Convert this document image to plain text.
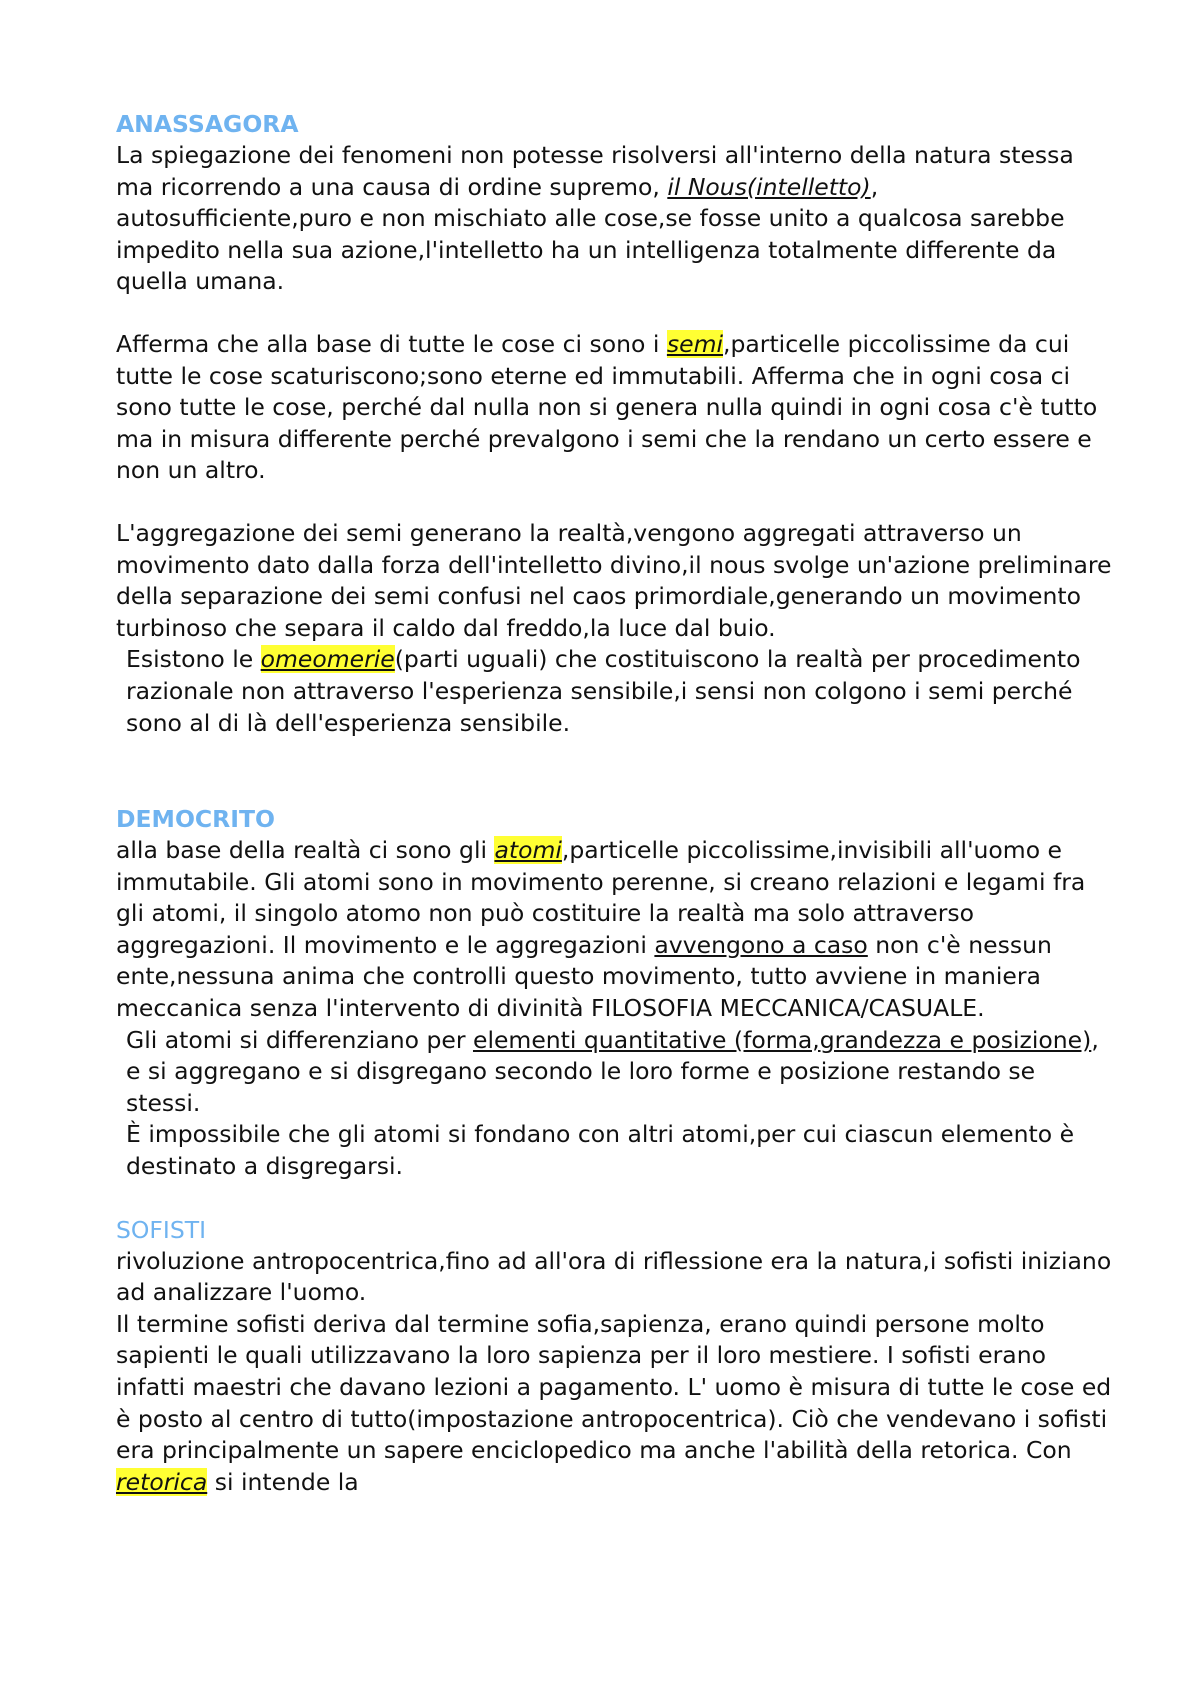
ANASSAGORA

La spiegazione dei fenomeni non potesse risolversi all'interno della natura stessa ma ricorrendo a una causa di ordine supremo, il Nous(intelletto), autosufficiente,puro e non mischiato alle cose,se fosse unito a qualcosa sarebbe impedito nella sua azione,l'intelletto ha un intelligenza totalmente differente da quella umana.

Afferma che alla base di tutte le cose ci sono i semi,particelle piccolissime da cui tutte le cose scaturiscono;sono eterne ed immutabili. Afferma che in ogni cosa ci sono tutte le cose, perché dal nulla non si genera nulla quindi in ogni cosa c'è tutto ma in misura differente perché prevalgono i semi che la rendano un certo essere e non un altro.

L'aggregazione dei semi generano la realtà,vengono aggregati attraverso un movimento dato dalla forza dell'intelletto divino,il nous svolge un'azione preliminare della separazione dei semi confusi nel caos primordiale,generando un movimento turbinoso che separa il caldo dal freddo,la luce dal buio.

Esistono le omeomerie(parti uguali) che costituiscono la realtà per procedimento razionale non attraverso l'esperienza sensibile,i sensi non colgono i semi perché sono al di là dell'esperienza sensibile.

DEMOCRITO

alla base della realtà ci sono gli atomi,particelle piccolissime,invisibili all'uomo e immutabile. Gli atomi sono in movimento perenne, si creano relazioni e legami fra gli atomi, il singolo atomo non può costituire la realtà ma solo attraverso aggregazioni. Il movimento e le aggregazioni avvengono a caso non c'è nessun ente,nessuna anima che controlli questo movimento, tutto avviene in maniera meccanica senza l'intervento di divinità FILOSOFIA MECCANICA/CASUALE.

Gli atomi si differenziano per elementi quantitative (forma,grandezza e posizione), e si aggregano e si disgregano secondo le loro forme e posizione restando se stessi.

È impossibile che gli atomi si fondano con altri atomi,per cui ciascun elemento è destinato a disgregarsi.

SOFISTI

rivoluzione antropocentrica,fino ad all'ora di riflessione era la natura,i sofisti iniziano ad analizzare l'uomo.

Il termine sofisti deriva dal termine sofia,sapienza, erano quindi persone molto sapienti le quali utilizzavano la loro sapienza per il loro mestiere. I sofisti erano infatti maestri che davano lezioni a pagamento. L' uomo è misura di tutte le cose ed è posto al centro di tutto(impostazione antropocentrica). Ciò che vendevano i sofisti era principalmente un sapere enciclopedico ma anche l'abilità della retorica. Con retorica si intende la
